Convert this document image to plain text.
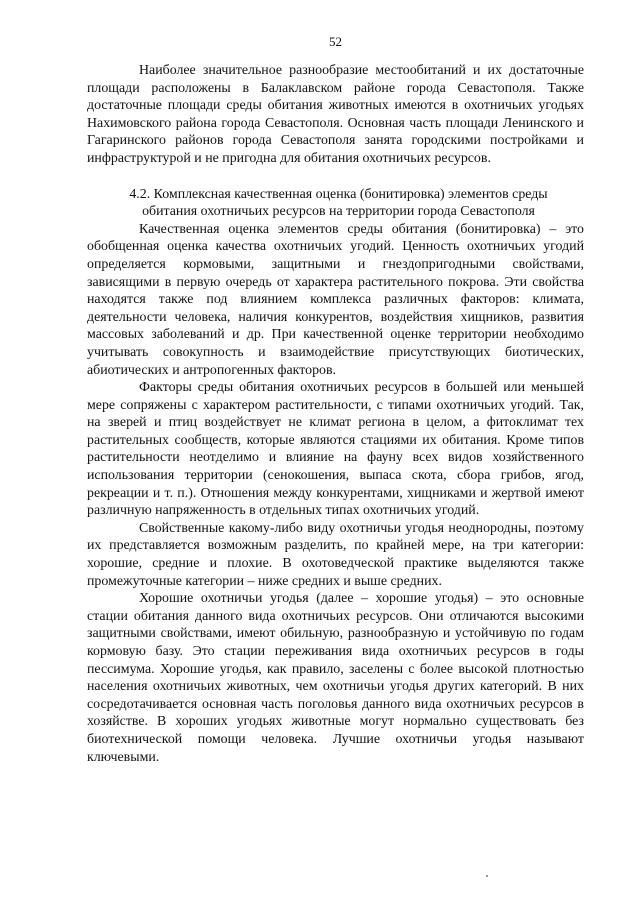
52

Наиболее значительное разнообразие местообитаний и их достаточные площади расположены в Балаклавском районе города Севастополя. Также достаточные площади среды обитания животных имеются в охотничьих угодьях Нахимовского района города Севастополя. Основная часть площади Ленинского и Гагаринского районов города Севастополя занята городскими постройками и инфраструктурой и не пригодна для обитания охотничьих ресурсов.

4.2. Комплексная качественная оценка (бонитировка) элементов среды
обитания охотничьих ресурсов на территории города Севастополя

Качественная оценка элементов среды обитания (бонитировка) – это обобщенная оценка качества охотничьих угодий. Ценность охотничьих угодий определяется кормовыми, защитными и гнездопригодными свойствами, зависящими в первую очередь от характера растительного покрова. Эти свойства находятся также под влиянием комплекса различных факторов: климата, деятельности человека, наличия конкурентов, воздействия хищников, развития массовых заболеваний и др. При качественной оценке территории необходимо учитывать совокупность и взаимодействие присутствующих биотических, абиотических и антропогенных факторов.

Факторы среды обитания охотничьих ресурсов в большей или меньшей мере сопряжены с характером растительности, с типами охотничьих угодий. Так, на зверей и птиц воздействует не климат региона в целом, а фитоклимат тех растительных сообществ, которые являются стациями их обитания. Кроме типов растительности неотделимо и влияние на фауну всех видов хозяйственного использования территории (сенокошения, выпаса скота, сбора грибов, ягод, рекреации и т. п.). Отношения между конкурентами, хищниками и жертвой имеют различную напряженность в отдельных типах охотничьих угодий.

Свойственные какому-либо виду охотничьи угодья неоднородны, поэтому их представляется возможным разделить, по крайней мере, на три категории: хорошие, средние и плохие. В охотоведческой практике выделяются также промежуточные категории – ниже средних и выше средних.

Хорошие охотничьи угодья (далее – хорошие угодья) – это основные стации обитания данного вида охотничьих ресурсов. Они отличаются высокими защитными свойствами, имеют обильную, разнообразную и устойчивую по годам кормовую базу. Это стации переживания вида охотничьих ресурсов в годы пессимума. Хорошие угодья, как правило, заселены с более высокой плотностью населения охотничьих животных, чем охотничьи угодья других категорий. В них сосредотачивается основная часть поголовья данного вида охотничьих ресурсов в хозяйстве. В хороших угодьях животные могут нормально существовать без биотехнической помощи человека. Лучшие охотничьи угодья называют ключевыми.
